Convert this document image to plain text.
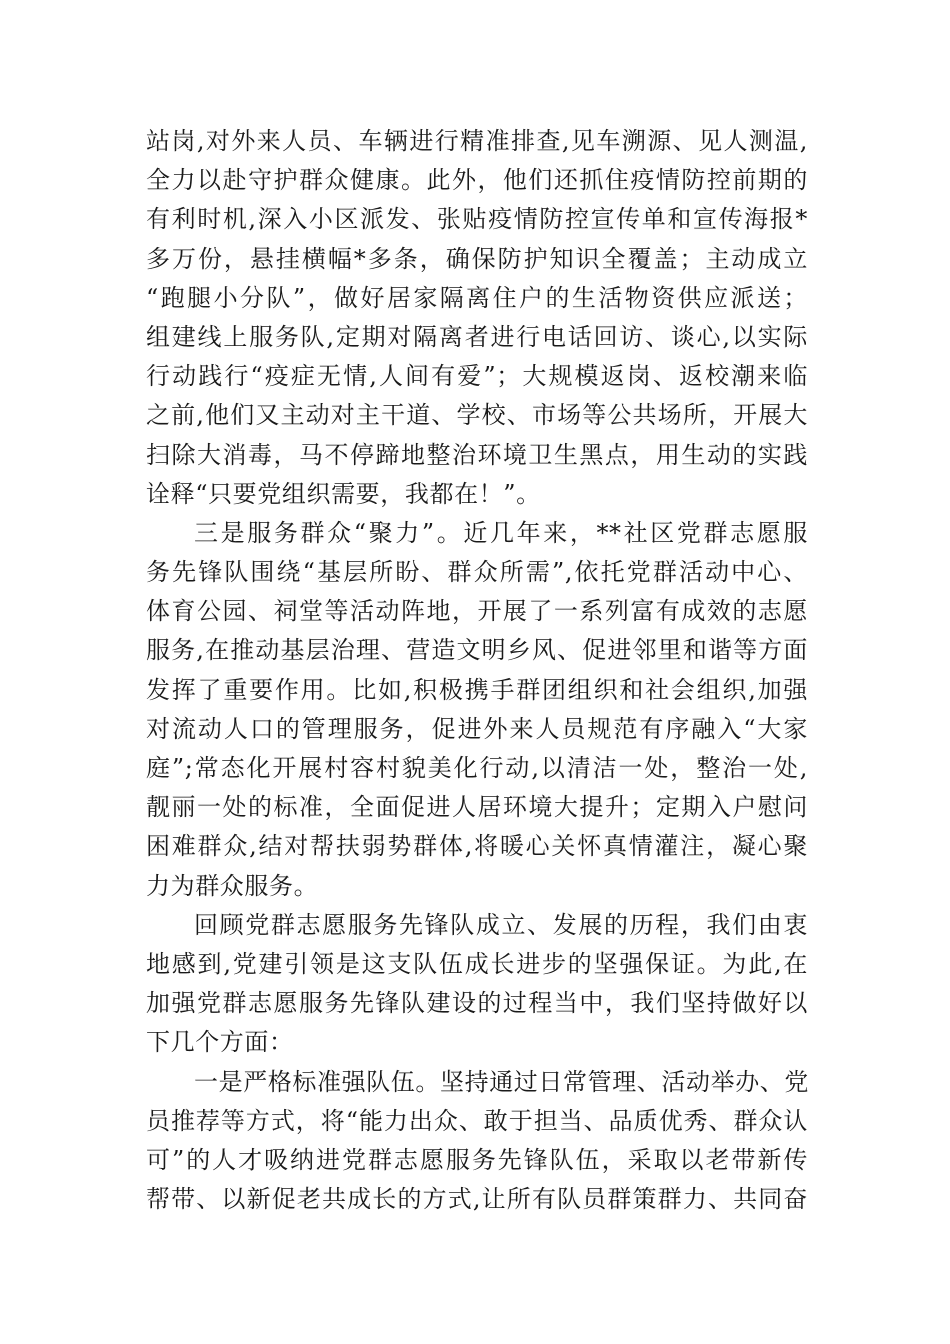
站岗,对外来人员、车辆进行精准排查,见车溯源、见人测温,
全力以赴守护群众健康。此外，他们还抓住疫情防控前期的
有利时机,深入小区派发、张贴疫情防控宣传单和宣传海报*
多万份，悬挂横幅*多条，确保防护知识全覆盖；主动成立
“跑腿小分队”，做好居家隔离住户的生活物资供应派送；
组建线上服务队,定期对隔离者进行电话回访、谈心,以实际
行动践行“疫症无情,人间有爱”；大规模返岗、返校潮来临
之前,他们又主动对主干道、学校、市场等公共场所，开展大
扫除大消毒，马不停蹄地整治环境卫生黑点，用生动的实践
诠释“只要党组织需要，我都在！”。
三是服务群众“聚力”。近几年来，**社区党群志愿服
务先锋队围绕“基层所盼、群众所需”,依托党群活动中心、
体育公园、祠堂等活动阵地，开展了一系列富有成效的志愿
服务,在推动基层治理、营造文明乡风、促进邻里和谐等方面
发挥了重要作用。比如,积极携手群团组织和社会组织,加强
对流动人口的管理服务，促进外来人员规范有序融入“大家
庭”;常态化开展村容村貌美化行动,以清洁一处，整治一处,
靓丽一处的标准，全面促进人居环境大提升；定期入户慰问
困难群众,结对帮扶弱势群体,将暖心关怀真情灌注，凝心聚
力为群众服务。
回顾党群志愿服务先锋队成立、发展的历程，我们由衷
地感到,党建引领是这支队伍成长进步的坚强保证。为此,在
加强党群志愿服务先锋队建设的过程当中，我们坚持做好以
下几个方面：
一是严格标准强队伍。坚持通过日常管理、活动举办、党
员推荐等方式，将“能力出众、敢于担当、品质优秀、群众认
可”的人才吸纳进党群志愿服务先锋队伍，采取以老带新传
帮带、以新促老共成长的方式,让所有队员群策群力、共同奋
